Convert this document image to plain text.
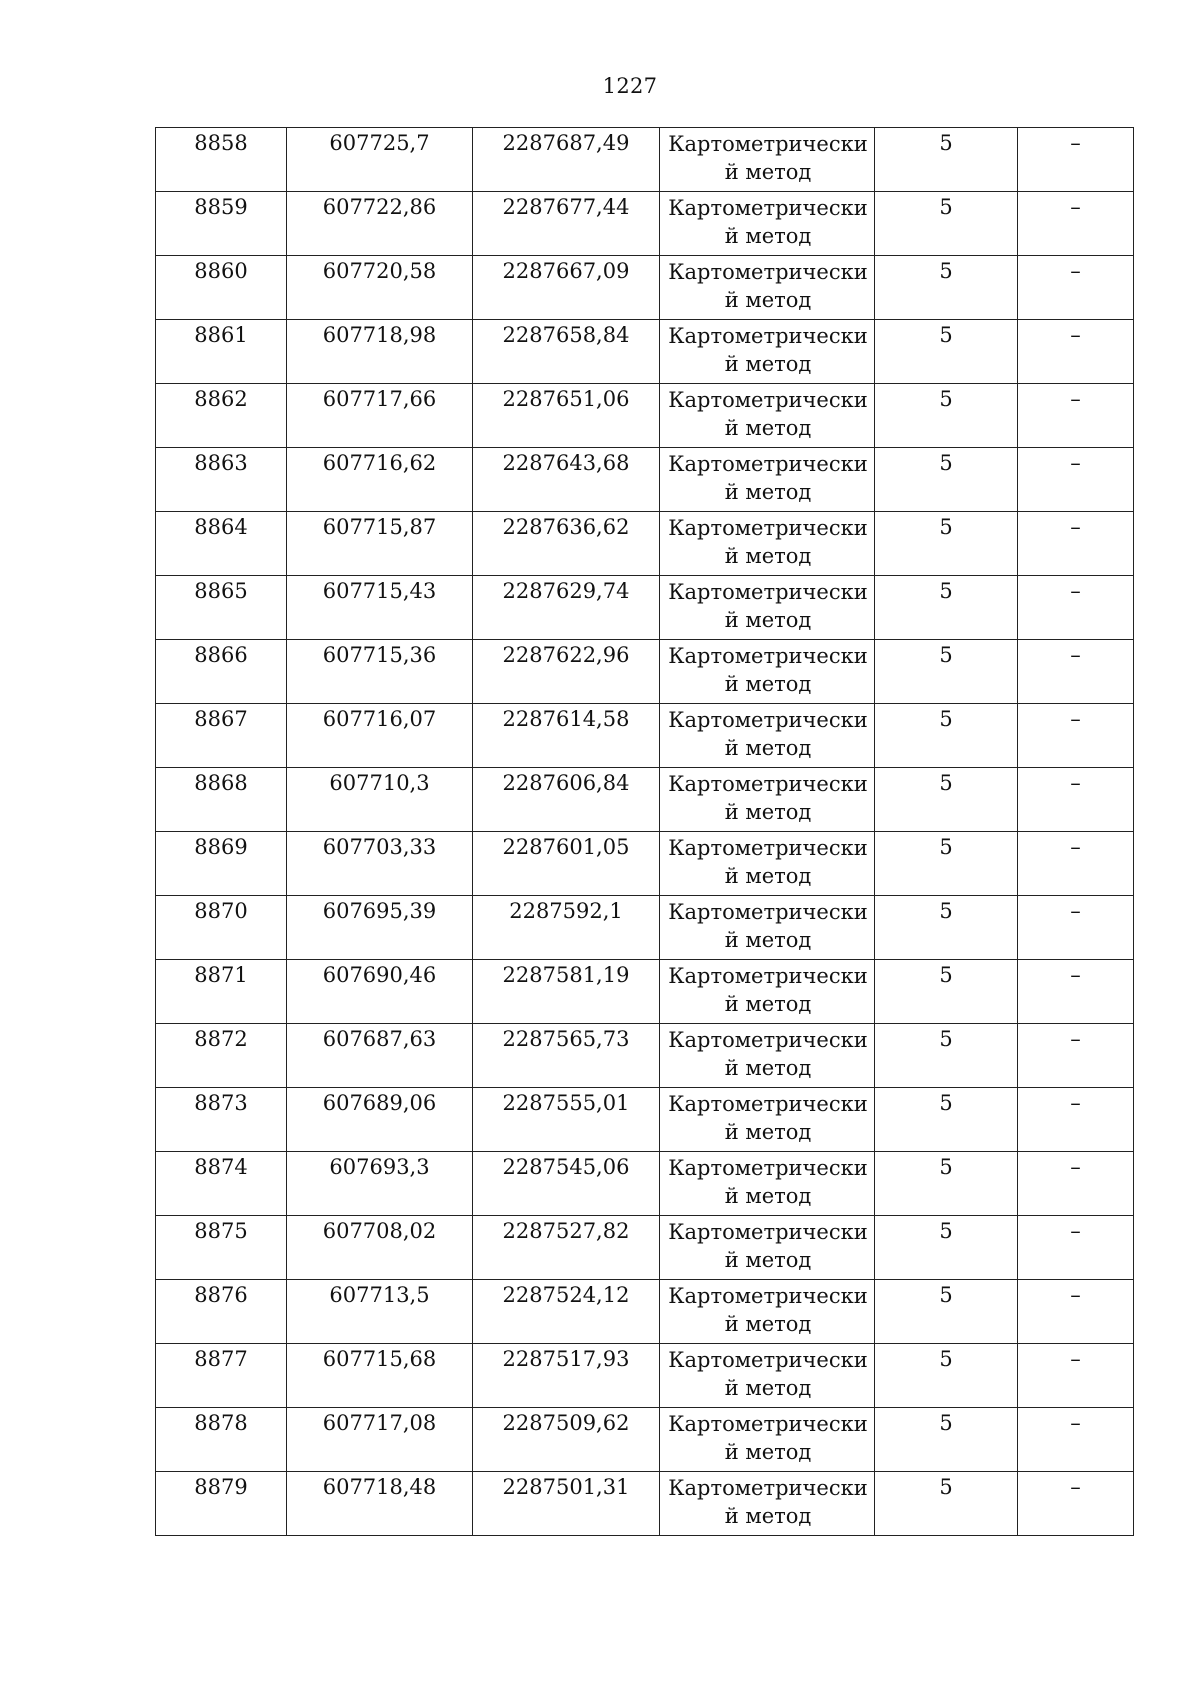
1227
8858	607725,7	2287687,49	Картометрически й метод	5	–

8859	607722,86	2287677,44	Картометрически й метод	5	–

8860	607720,58	2287667,09	Картометрически й метод	5	–

8861	607718,98	2287658,84	Картометрически й метод	5	–

8862	607717,66	2287651,06	Картометрически й метод	5	–

8863	607716,62	2287643,68	Картометрически й метод	5	–

8864	607715,87	2287636,62	Картометрически й метод	5	–

8865	607715,43	2287629,74	Картометрически й метод	5	–

8866	607715,36	2287622,96	Картометрически й метод	5	–

8867	607716,07	2287614,58	Картометрически й метод	5	–

8868	607710,3	2287606,84	Картометрически й метод	5	–

8869	607703,33	2287601,05	Картометрически й метод	5	–

8870	607695,39	2287592,1	Картометрически й метод	5	–

8871	607690,46	2287581,19	Картометрически й метод	5	–

8872	607687,63	2287565,73	Картометрически й метод	5	–

8873	607689,06	2287555,01	Картометрически й метод	5	–

8874	607693,3	2287545,06	Картометрически й метод	5	–

8875	607708,02	2287527,82	Картометрически й метод	5	–

8876	607713,5	2287524,12	Картометрически й метод	5	–

8877	607715,68	2287517,93	Картометрически й метод	5	–

8878	607717,08	2287509,62	Картометрически й метод	5	–

8879	607718,48	2287501,31	Картометрически й метод	5	–
